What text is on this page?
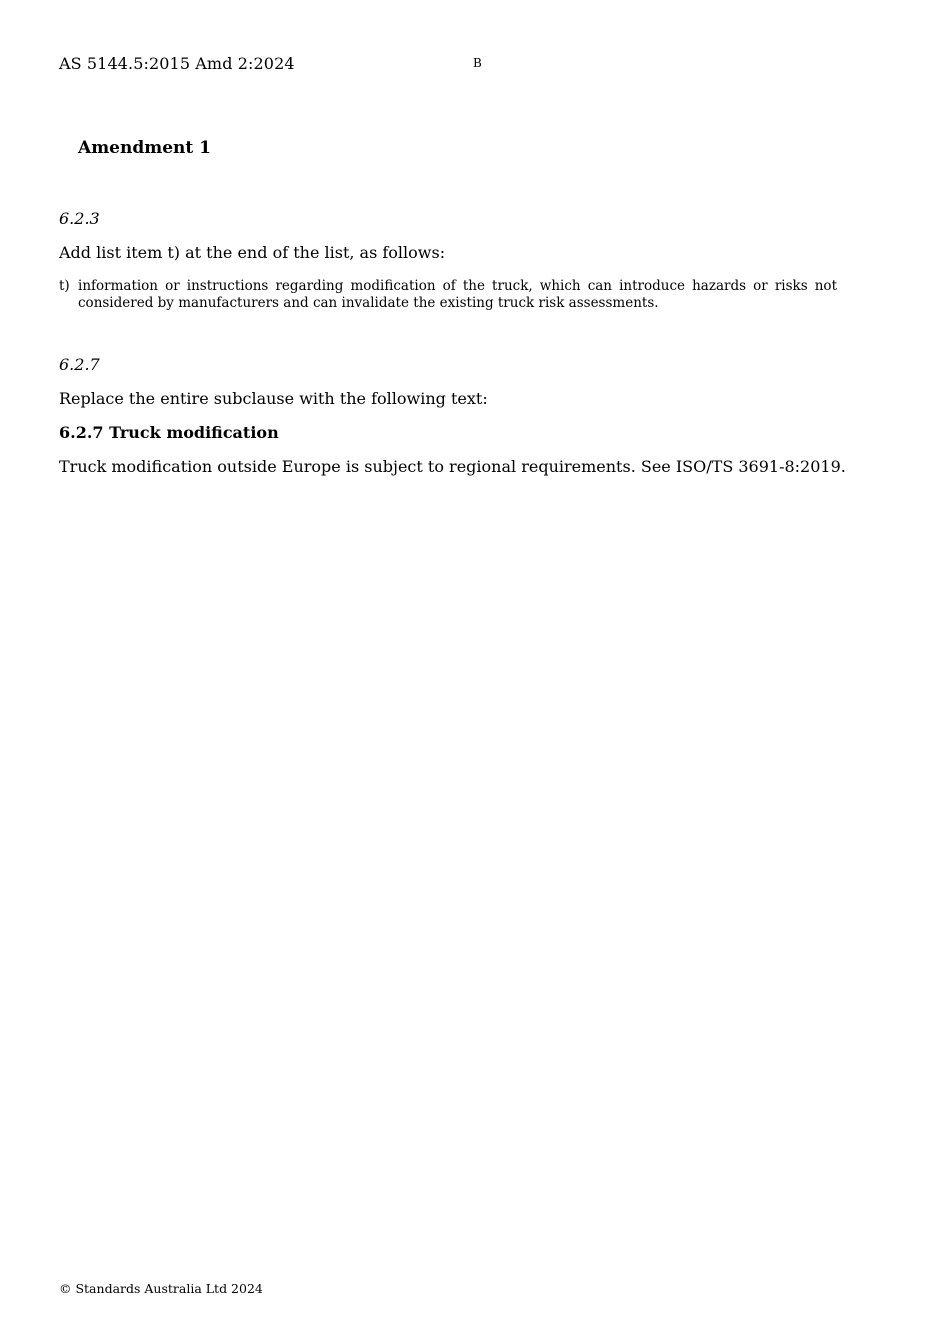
AS 5144.5:2015 Amd 2:2024	B
Amendment 1
6.2.3
Add list item t) at the end of the list, as follows:
t) information or instructions regarding modification of the truck, which can introduce hazards or risks not considered by manufacturers and can invalidate the existing truck risk assessments.
6.2.7
Replace the entire subclause with the following text:
6.2.7 Truck modification
Truck modification outside Europe is subject to regional requirements. See ISO/TS 3691-8:2019.
© Standards Australia Ltd 2024
